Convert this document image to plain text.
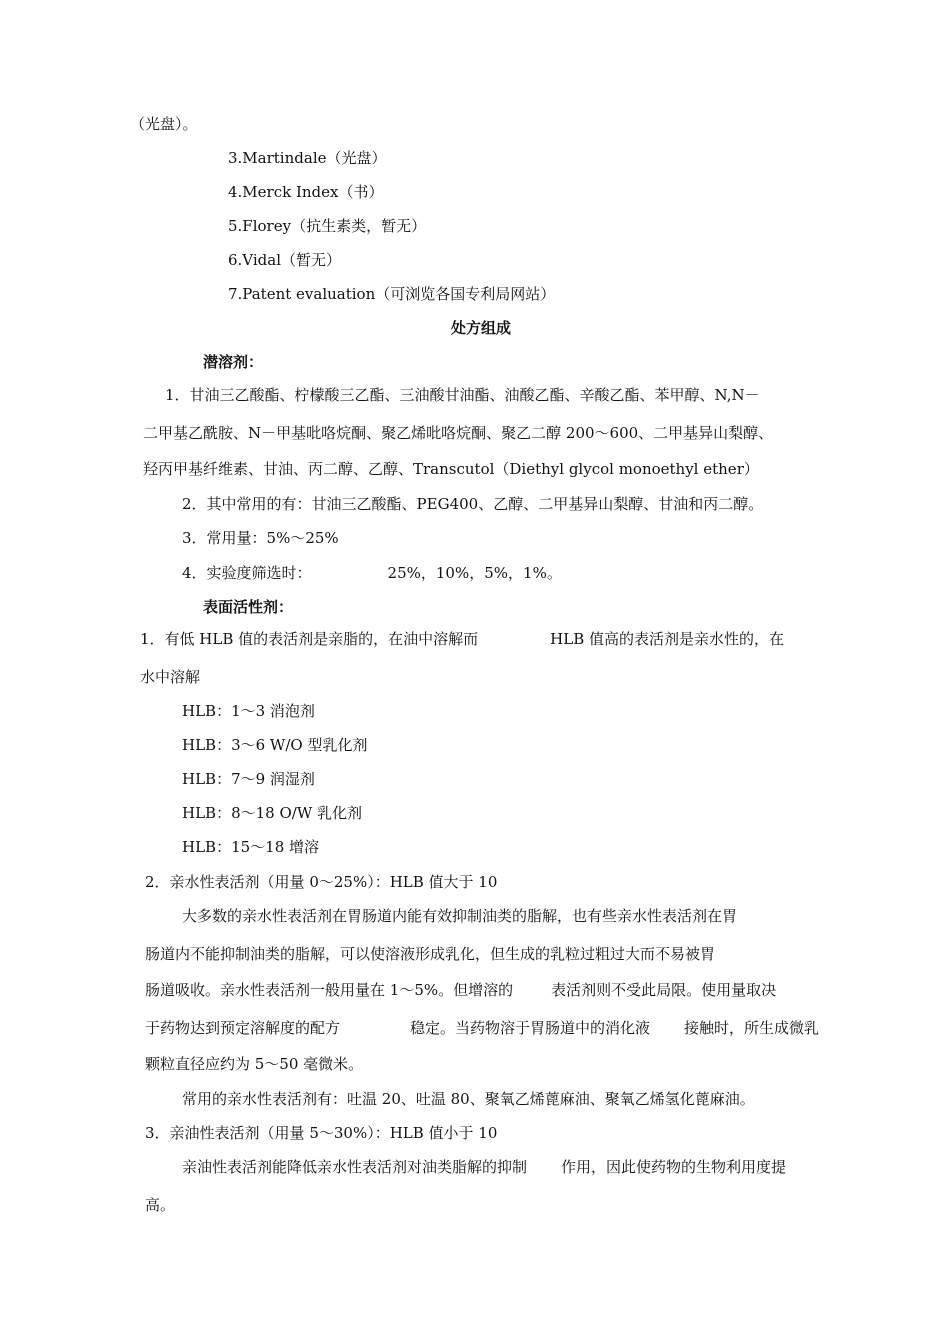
（光盘）。
3.Martindale（光盘）
4.Merck Index（书）
5.Florey（抗生素类，暂无）
6.Vidal（暂无）
7.Patent evaluation（可浏览各国专利局网站）
处方组成
潜溶剂：
1．甘油三乙酸酯、柠檬酸三乙酯、三油酸甘油酯、油酸乙酯、辛酸乙酯、苯甲醇、N,N－
二甲基乙酰胺、N－甲基吡咯烷酮、聚乙烯吡咯烷酮、聚乙二醇 200～600、二甲基异山梨醇、
羟丙甲基纤维素、甘油、丙二醇、乙醇、Transcutol（Diethyl glycol monoethyl ether）
2．其中常用的有：甘油三乙酸酯、PEG400、乙醇、二甲基异山梨醇、甘油和丙二醇。
3．常用量：5%～25%
4．实验度筛选时：	25%，10%，5%，1%。
表面活性剂：
1．有低 HLB 值的表活剂是亲脂的，在油中溶解而	HLB 值高的表活剂是亲水性的，在
水中溶解
HLB：1～3 消泡剂
HLB：3～6 W/O 型乳化剂
HLB：7～9 润湿剂
HLB：8～18 O/W 乳化剂
HLB：15～18 增溶
2．亲水性表活剂（用量 0～25%）：HLB 值大于 10
大多数的亲水性表活剂在胃肠道内能有效抑制油类的脂解，也有些亲水性表活剂在胃
肠道内不能抑制油类的脂解，可以使溶液形成乳化，但生成的乳粒过粗过大而不易被胃
肠道吸收。亲水性表活剂一般用量在 1～5%。但增溶的	表活剂则不受此局限。使用量取决
于药物达到预定溶解度的配方	稳定。当药物溶于胃肠道中的消化液 接触时，所生成微乳
颗粒直径应约为 5～50 毫微米。
常用的亲水性表活剂有：吐温 20、吐温 80、聚氧乙烯蓖麻油、聚氧乙烯氢化蓖麻油。
3．亲油性表活剂（用量 5～30%）：HLB 值小于 10
亲油性表活剂能降低亲水性表活剂对油类脂解的抑制 作用，因此使药物的生物利用度提
高。
